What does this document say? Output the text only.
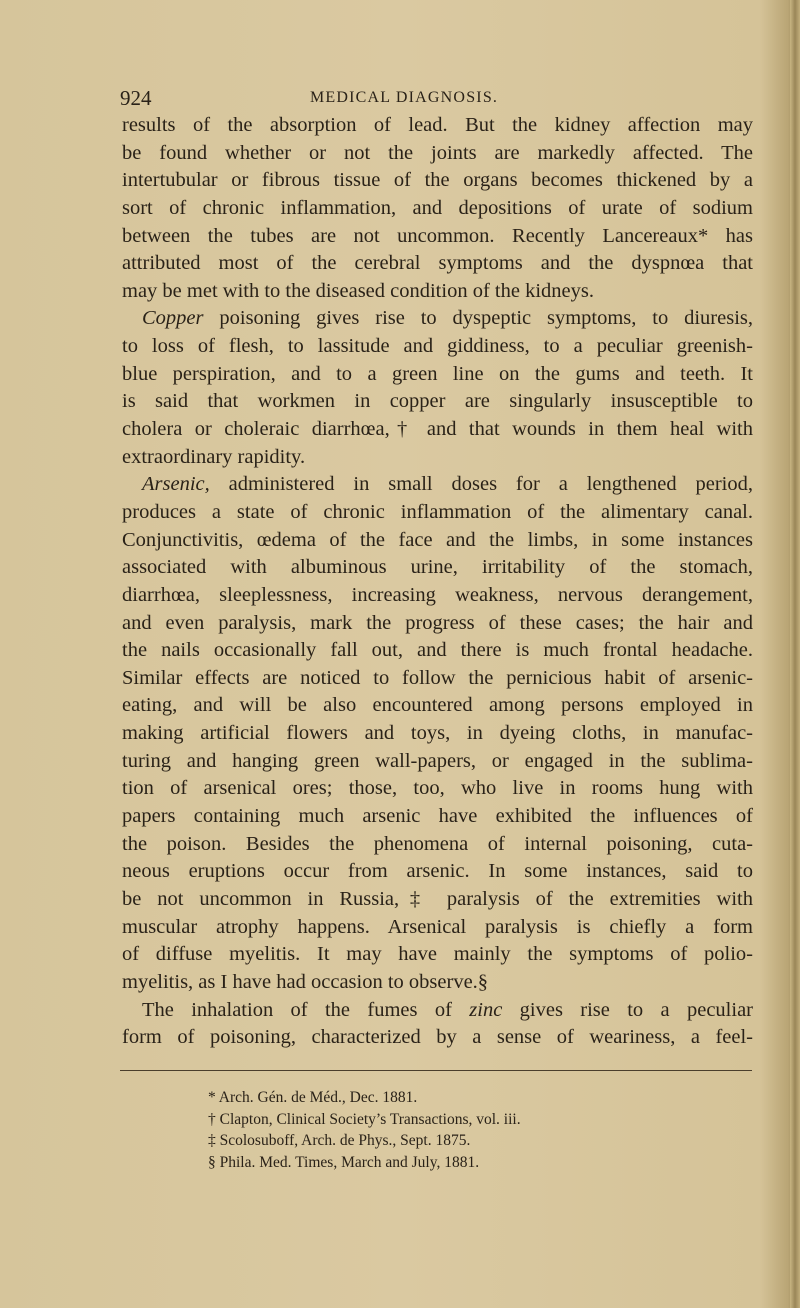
924	MEDICAL DIAGNOSIS.
results of the absorption of lead. But the kidney affection may
be found whether or not the joints are markedly affected. The
intertubular or fibrous tissue of the organs becomes thickened by a
sort of chronic inflammation, and depositions of urate of sodium
between the tubes are not uncommon. Recently Lancereaux* has
attributed most of the cerebral symptoms and the dyspnœa that
may be met with to the diseased condition of the kidneys.
Copper poisoning gives rise to dyspeptic symptoms, to diuresis,
to loss of flesh, to lassitude and giddiness, to a peculiar greenish-
blue perspiration, and to a green line on the gums and teeth. It
is said that workmen in copper are singularly insusceptible to
cholera or choleraic diarrhœa,† and that wounds in them heal with
extraordinary rapidity.
Arsenic, administered in small doses for a lengthened period,
produces a state of chronic inflammation of the alimentary canal.
Conjunctivitis, œdema of the face and the limbs, in some instances
associated with albuminous urine, irritability of the stomach,
diarrhœa, sleeplessness, increasing weakness, nervous derangement,
and even paralysis, mark the progress of these cases; the hair and
the nails occasionally fall out, and there is much frontal headache.
Similar effects are noticed to follow the pernicious habit of arsenic-
eating, and will be also encountered among persons employed in
making artificial flowers and toys, in dyeing cloths, in manufac-
turing and hanging green wall-papers, or engaged in the sublima-
tion of arsenical ores; those, too, who live in rooms hung with
papers containing much arsenic have exhibited the influences of
the poison. Besides the phenomena of internal poisoning, cuta-
neous eruptions occur from arsenic. In some instances, said to
be not uncommon in Russia,‡ paralysis of the extremities with
muscular atrophy happens. Arsenical paralysis is chiefly a form
of diffuse myelitis. It may have mainly the symptoms of polio-
myelitis, as I have had occasion to observe.§
The inhalation of the fumes of zinc gives rise to a peculiar
form of poisoning, characterized by a sense of weariness, a feel-
* Arch. Gén. de Méd., Dec. 1881.
† Clapton, Clinical Society’s Transactions, vol. iii.
‡ Scolosuboff, Arch. de Phys., Sept. 1875.
§ Phila. Med. Times, March and July, 1881.
